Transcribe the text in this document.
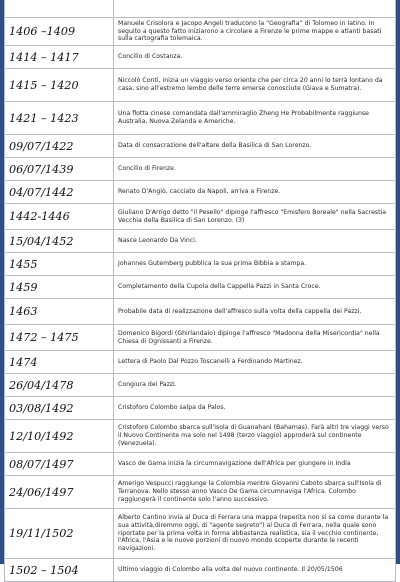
1406 –1409	Manuele Crisolora e Jacopo Angeli traducono la “Geografia” di Tolomeo in latino. In seguito a questo fatto iniziarono a circolare a Firenze le prime mappe e atlanti basati sulla cartografia tolemaica.
1414 – 1417	Concilio di Costanza.
1415 – 1420	Niccolò Conti, inizia un viaggio verso oriente che per circa 20 anni lo terrà lontano da casa, sino all'estremo lembo delle terre emerse conosciute (Giava e Sumatra).
1421 – 1423	Una flotta cinese comandata dall'ammiraglio Zheng He Probabilmente raggiunse Australia, Nuova Zelanda e Americhe.
09/07/1422	Data di consacrazione dell'altare della Basilica di San Lorenzo.
06/07/1439	Concilio di Firenze.
04/07/1442	Renato D'Angiò, cacciato da Napoli, arriva a Firenze.
1442-1446	Giuliano D'Arrigo detto "il Pesello" dipinge l'affresco "Emisfero Boreale" nella Sacrestia Vecchia della Basilica di San Lorenzo. (3)
15/04/1452	Nasce Leonardo Da Vinci.
1455	Johannes Gutemberg pubblica la sua prima Bibbia a stampa.
1459	Completamento della Cupola della Cappella Pazzi in Santa Croce.
1463	Probabile data di realizzazione dell'affresco sulla volta della cappella dei Pazzi.
1472 – 1475	Domenico Bigordi (Ghirlandaio) dipinge l'affresco "Madonna della Misericordia" nella Chiesa di Ognissanti a Firenze.
1474	Lettera di Paolo Dal Pozzo Toscanelli a Ferdinando Martinez.
26/04/1478	Congiura dei Pazzi.
03/08/1492	Cristoforo Colombo salpa da Palos.
12/10/1492	Cristoforo Colombo sbarca sull'isola di Guanahani (Bahamas). Farà altri tre viaggi verso il Nuovo Continente ma solo nel 1498 (terzo viaggio) approderà sul continente (Venezuela).
08/07/1497	Vasco de Gama inizia la circumnavigazione dell'Africa per giungere in India
24/06/1497	Amerigo Vespucci raggiunge la Colombia mentre Giovanni Caboto sbarca sull'Isola di Terranova. Nello stesso anno Vasco De Gama circumnaviga l'Africa. Colombo raggiungerà il continente solo l'anno successivo.
19/11/1502	Alberto Cantino invia al Duca di Ferrara una mappa (reperita non si sa come durante la sua attività,diremmo oggi, di "agente segreto") al Duca di Ferrara, nella quale sono riportate per la prima volta in forma abbastanza realistica, sia il vecchio continente, l'Africa, l'Asia e le nuove porzioni di nuovo mondo scoperte durante le recenti navigazioni.
1502 – 1504	Ultimo viaggio di Colombo alla volta del nuovo continente. Il 20/05/1506
